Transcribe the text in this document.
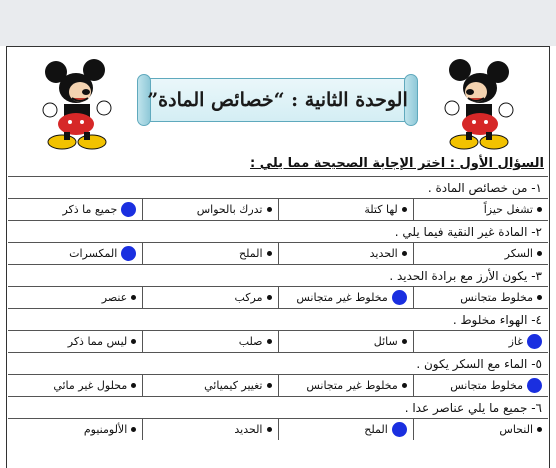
الوحدة الثانية : “خصائص المادة”
السؤال الأول : اختر الإجابة الصحيحة مما يلي :
١- من خصائص المادة .
تشغل حيزاً
لها كتلة
تدرك بالحواس
جميع ما ذكر
٢- المادة غير النقية فيما يلي .
السكر
الحديد
الملح
المكسرات
٣- يكون الأرز مع برادة الحديد .
مخلوط متجانس
مخلوط غير متجانس
مركب
عنصر
٤- الهواء مخلوط .
غاز
سائل
صلب
ليس مما ذكر
٥- الماء مع السكر يكون .
مخلوط متجانس
مخلوط غير متجانس
تغيير كيميائي
محلول غير مائي
٦- جميع ما يلي عناصر عدا .
النحاس
الملح
الحديد
الألومنيوم
